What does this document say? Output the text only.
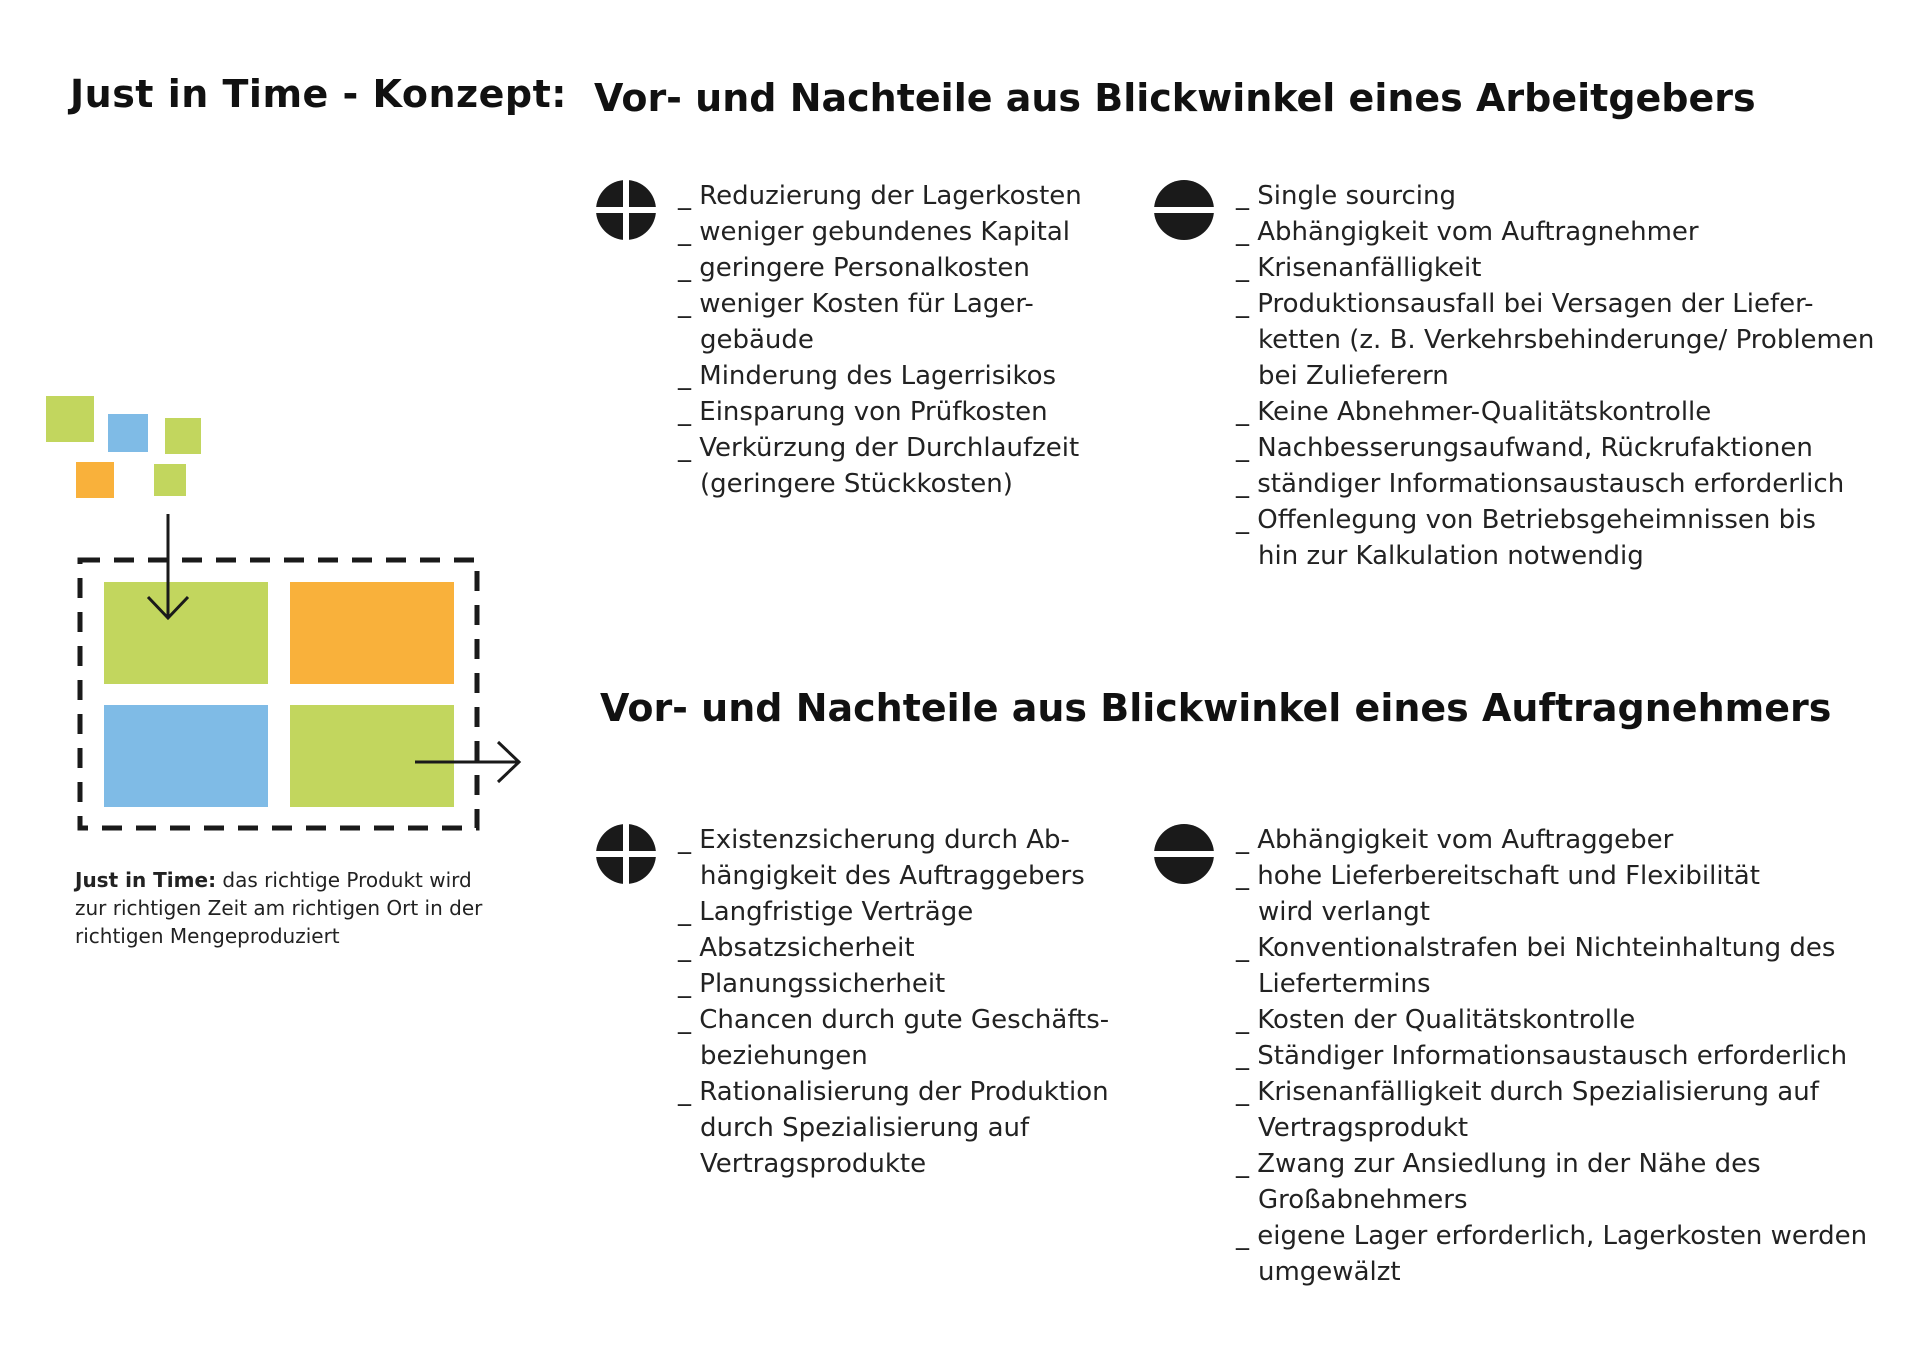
Just in Time - Konzept: Vor- und Nachteile aus Blickwinkel eines Arbeitgebers
Vor- und Nachteile aus Blickwinkel eines Auftragnehmers
_ Reduzierung der Lagerkosten
_ weniger gebundenes Kapital
_ geringere Personalkosten
_ weniger Kosten für Lager-
gebäude
_ Minderung des Lagerrisikos
_ Einsparung von Prüfkosten
_ Verkürzung der Durchlaufzeit
(geringere Stückkosten)
_ Single sourcing
_ Abhängigkeit vom Auftragnehmer
_ Krisenanfälligkeit
_ Produktionsausfall bei Versagen der Liefer-
ketten (z. B. Verkehrsbehinderunge/ Problemen
bei Zulieferern
_ Keine Abnehmer-Qualitätskontrolle
_ Nachbesserungsaufwand, Rückrufaktionen
_ ständiger Informationsaustausch erforderlich
_ Offenlegung von Betriebsgeheimnissen bis
hin zur Kalkulation notwendig
_ Existenzsicherung durch Ab-
hängigkeit des Auftraggebers
_ Langfristige Verträge
_ Absatzsicherheit
_ Planungssicherheit
_ Chancen durch gute Geschäfts-
beziehungen
_ Rationalisierung der Produktion
durch Spezialisierung auf
Vertragsprodukte
_ Abhängigkeit vom Auftraggeber
_ hohe Lieferbereitschaft und Flexibilität
wird verlangt
_ Konventionalstrafen bei Nichteinhaltung des
Liefertermins
_ Kosten der Qualitätskontrolle
_ Ständiger Informationsaustausch erforderlich
_ Krisenanfälligkeit durch Spezialisierung auf
Vertragsprodukt
_ Zwang zur Ansiedlung in der Nähe des
Großabnehmers
_ eigene Lager erforderlich, Lagerkosten werden
umgewälzt
Just in Time: das richtige Produkt wird zur richtigen Zeit am richtigen Ort in der richtigen Mengeproduziert
